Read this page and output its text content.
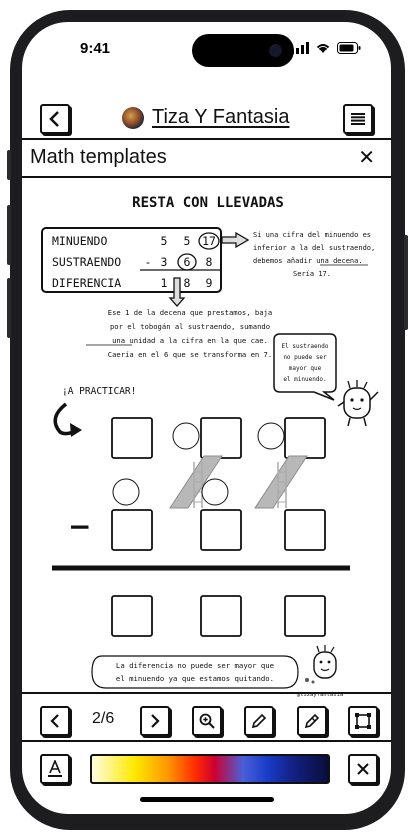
9:41
Tiza Y Fantasia
Math templates	✕
RESTA CON LLEVADAS
MINUENDO
SUSTRAENDO
DIFERENCIA
5 5 17
- 3 6 8
1 8 9
Si una cifra del minuendo es
inferior a la del sustraendo,
debemos añadir una decena.
Sería 17.
Ese 1 de la decena que prestamos, baja
por el tobogán al sustraendo, sumando
una unidad a la cifra en la que cae.
Caería en el 6 que se transforma en 7.
El sustraendo
no puede ser
mayor que
el minuendo.
¡A PRACTICAR!
−
La diferencia no puede ser mayor que
el minuendo ya que estamos quitando.
@tizayfantasia
2/6
